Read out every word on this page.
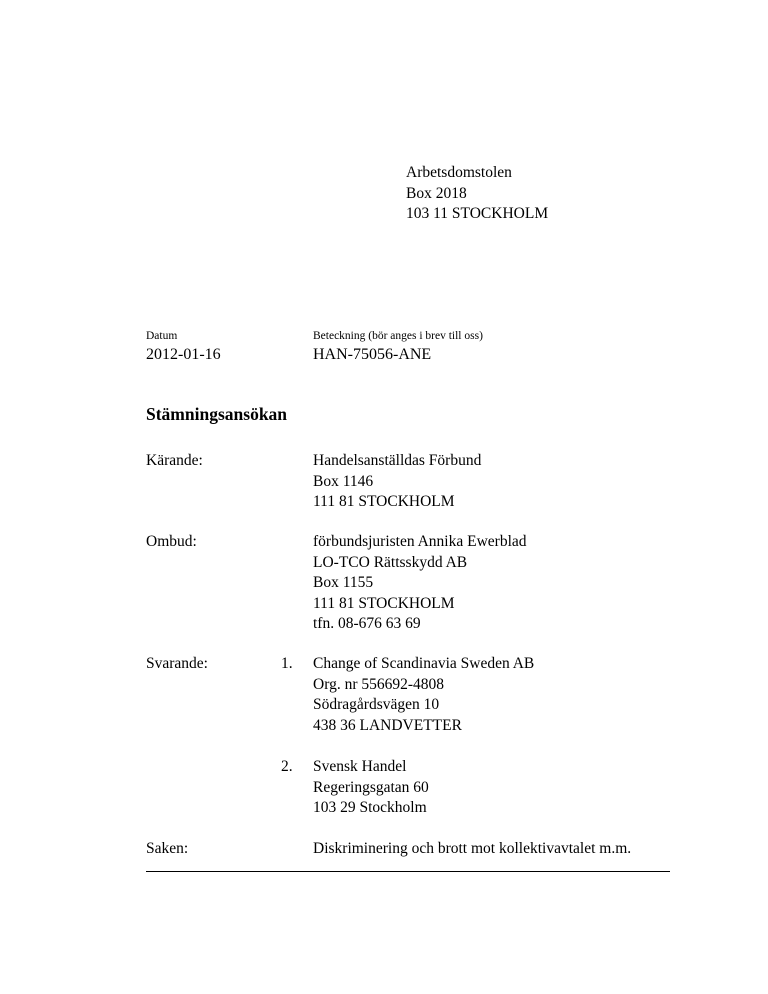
Arbetsdomstolen
Box 2018
103 11 STOCKHOLM
Datum
2012-01-16
Beteckning (bör anges i brev till oss)
HAN-75056-ANE
Stämningsansökan
Kärande:	Handelsanställdas Förbund
Box 1146
111 81 STOCKHOLM
Ombud:	förbundsjuristen Annika Ewerblad
LO-TCO Rättsskydd AB
Box 1155
111 81 STOCKHOLM
tfn. 08-676 63 69
Svarande:	1. Change of Scandinavia Sweden AB
Org. nr 556692-4808
Södragårdsvägen 10
438 36 LANDVETTER
2. Svensk Handel
Regeringsgatan 60
103 29 Stockholm
Saken:	Diskriminering och brott mot kollektivavtalet m.m.
